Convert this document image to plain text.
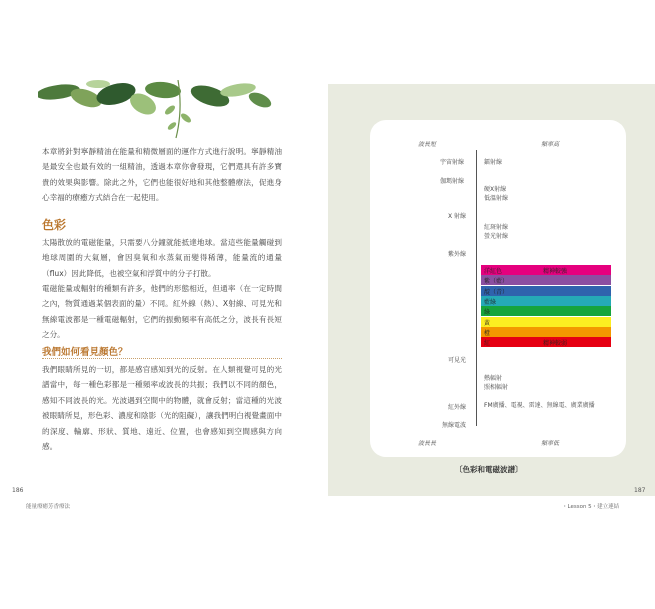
本章將針對寧靜精油在能量和精微層面的運作方式進行說明。寧靜精油是最安全也最有效的一組精油，透過本章你會發現，它們還具有許多寶貴的效果與影響。除此之外，它們也能很好地和其他整體療法，促進身心幸福的療癒方式結合在一起使用。

色彩

太陽散放的電磁能量，只需要八分鐘就能抵達地球。當這些能量觸碰到地球周圍的大氣層，會因臭氧和水蒸氣而變得稀薄，能量流的通量（flux）因此降低，也被空氣和浮質中的分子打散。

電磁能量或輻射的種類有許多，他們的形態相近，但通率（在一定時間之內，物質通過某個表面的量）不同。紅外線（熱）、X射線、可見光和無線電波都是一種電磁輻射，它們的振動頻率有高低之分，波長有長短之分。

我們如何看見顏色？

我們眼睛所見的一切，都是感官感知到光的反射。在人類視覺可見的光譜當中，每一種色彩都是一種頻率或波長的共振；我們以不同的顏色，感知不同波長的光。光波遇到空間中的物體，就會反射；當這種的光波被眼睛所見，形色彩、濃度和陰影（光的阻礙），讓我們明白視覺畫面中的深度、輪廓、形狀、質地、遠近、位置，也會感知到空間感與方向感。

186
能量療癒芳香療法
波長短	頻率高
宇宙射線
伽瑪射線
X 射線
紫外線
可見光
紅外線
無線電波
鐳射線
硬X射線
低溫射線
紅斑射線
螢光射線
熱輻射
照相輻射
FM廣播、電視、雷達、無線電、廣業廣播
洋紅色	精神較強
紫（藍）
靛（青）
藍綠
綠
黃
橙
紅	精神較弱
波長長	頻率低
〔色彩和電磁波譜〕
・Lesson 5・建立連結
187
